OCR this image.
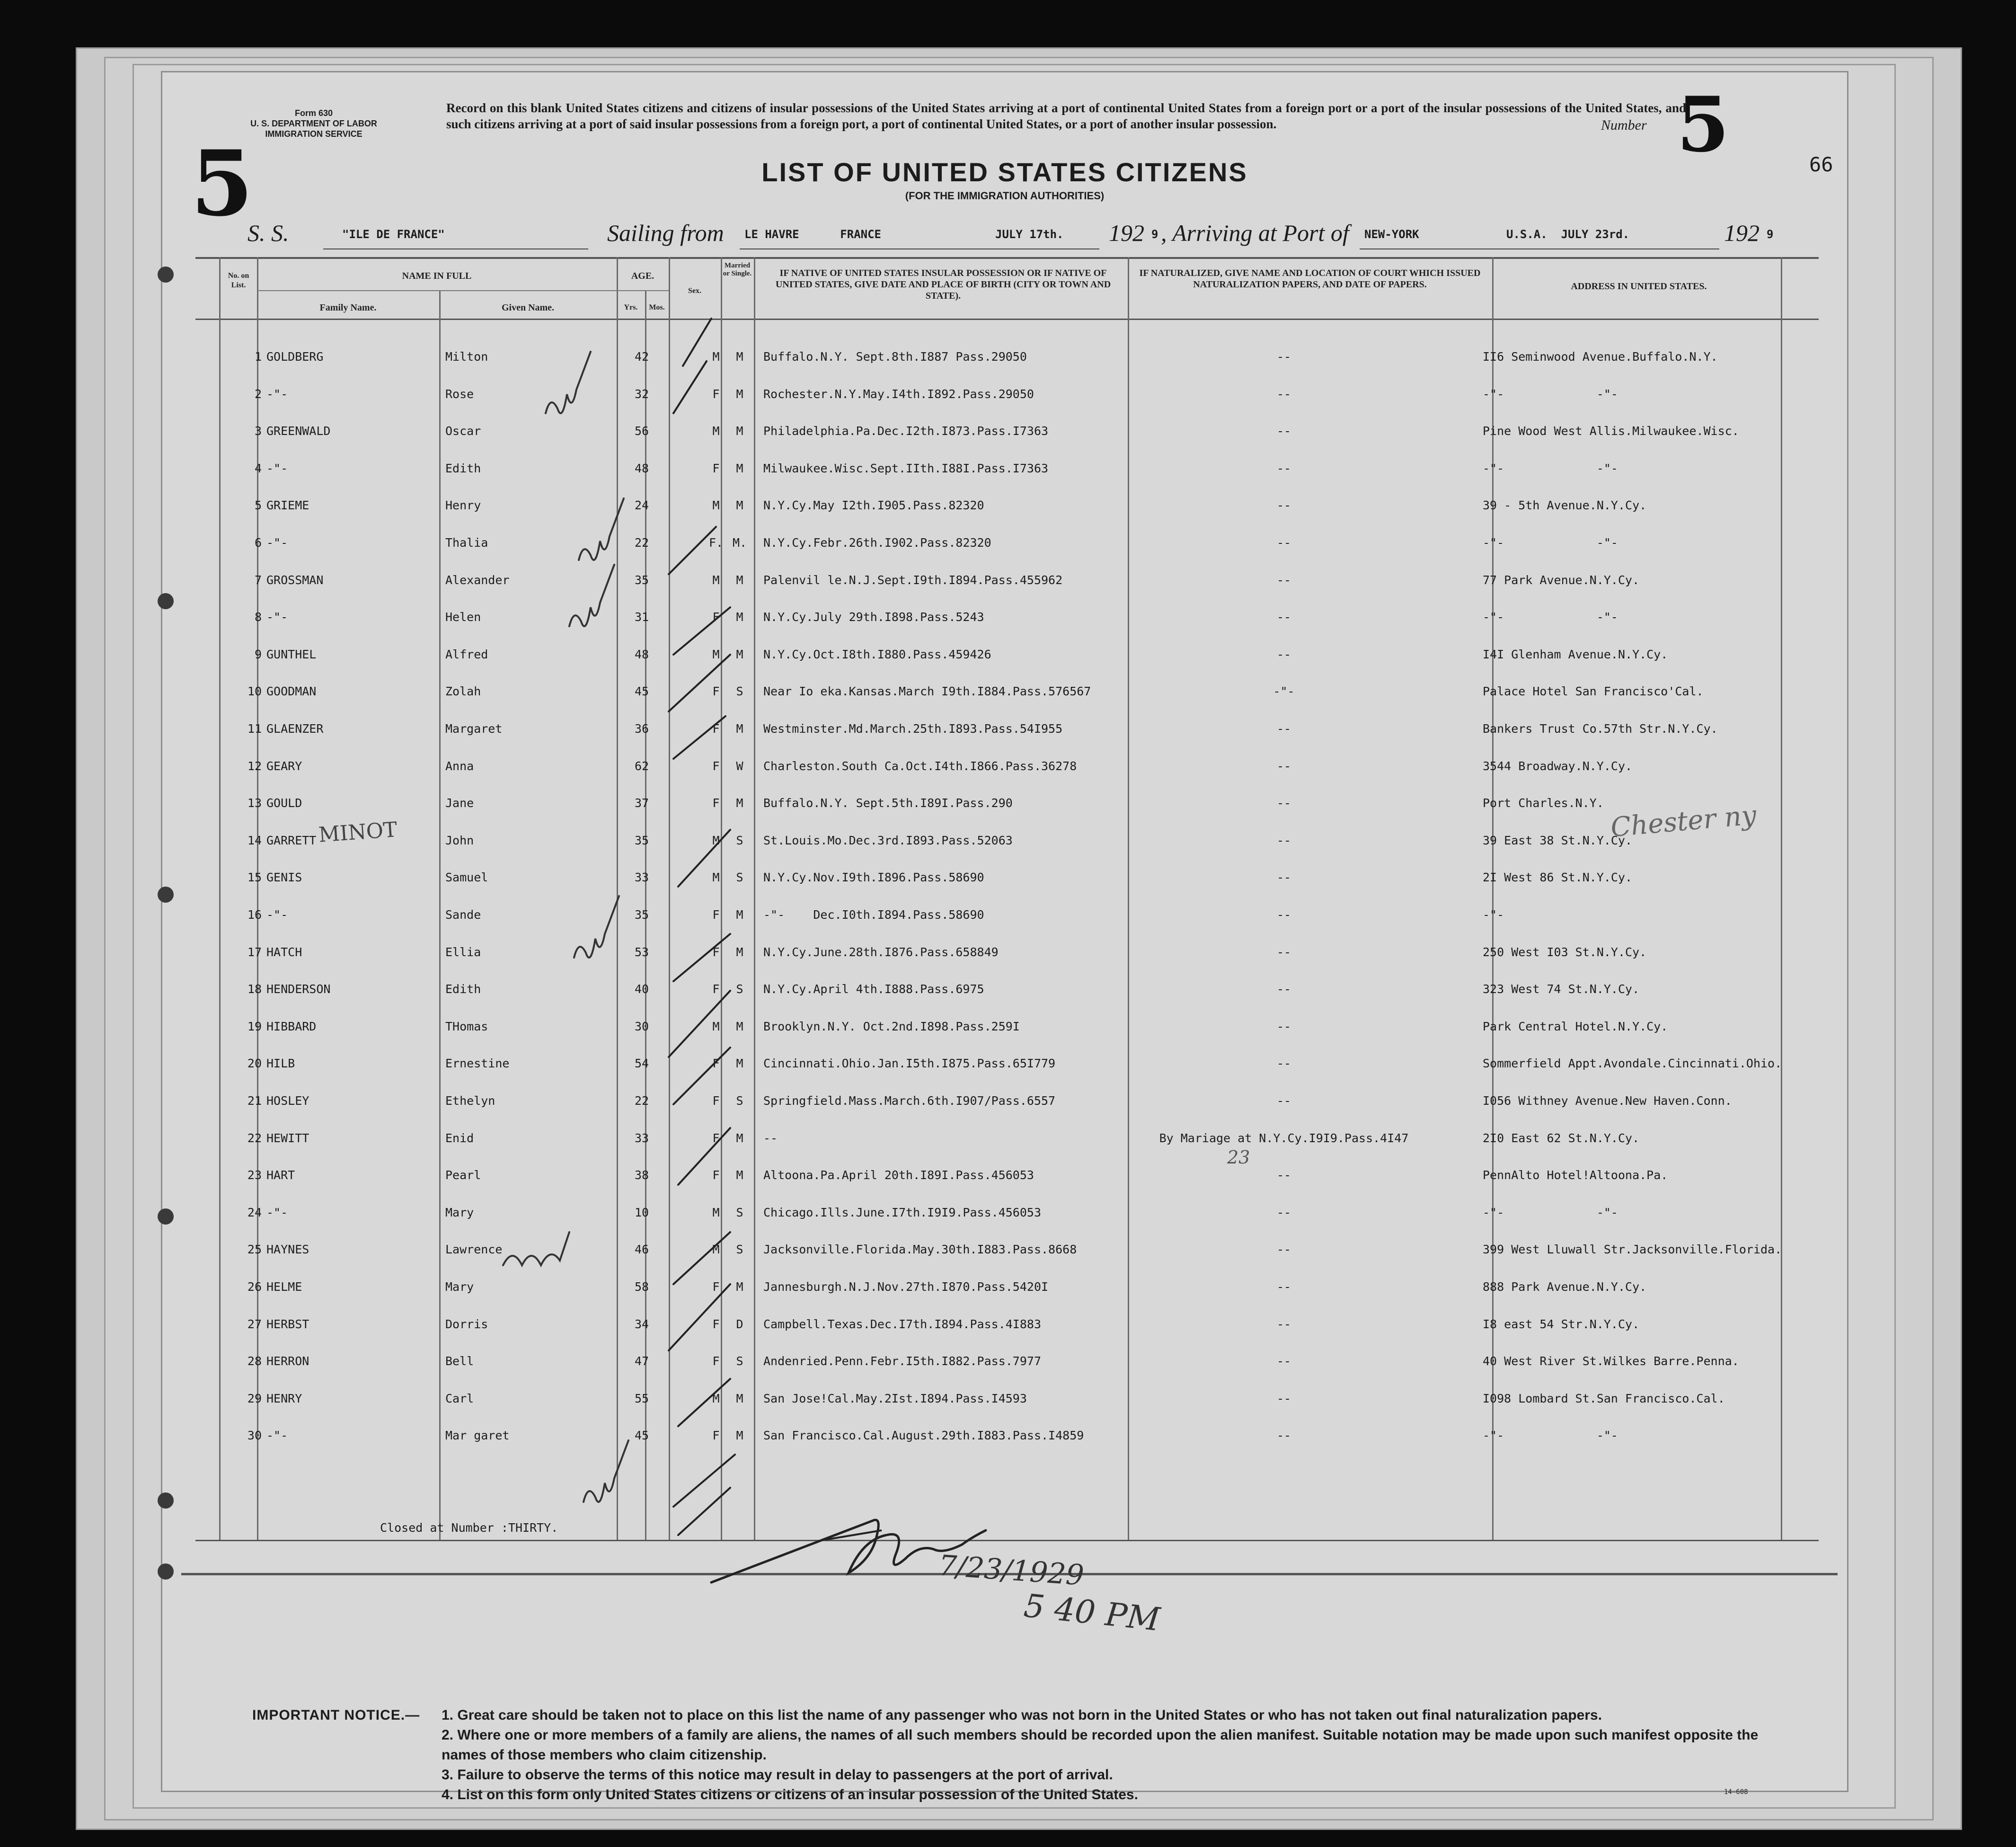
5
Form 630
U. S. DEPARTMENT OF LABOR
IMMIGRATION SERVICE
Record on this blank United States citizens and citizens of insular possessions of the United States arriving at a port of continental United States from a foreign port or a port of the insular possessions of the United States, and such citizens arriving at a port of said insular possessions from a foreign port, a port of continental United States, or a port of another insular possession.	Number 5	66
LIST OF UNITED STATES CITIZENS
(FOR THE IMMIGRATION AUTHORITIES)
S. S.	"ILE DE FRANCE"	Sailing from LE HAVRE      FRANCE	JULY 17th. 192 9 , Arriving at Port of NEW-YORK	U.S.A.  JULY 23rd.	192 9
No. on List.
NAME IN FULL
Family Name.	Given Name.
AGE.
Yrs.	Mos.
Sex.
Married or Single.	IF NATIVE OF UNITED STATES INSULAR POSSESSION OR IF NATIVE OF UNITED STATES, GIVE DATE AND PLACE OF BIRTH (CITY OR TOWN AND STATE).
IF NATURALIZED, GIVE NAME AND LOCATION OF COURT WHICH ISSUED NATURALIZATION PAPERS, AND DATE OF PAPERS.	ADDRESS IN UNITED STATES.
1 GOLDBERG	Milton	42	M	M	Buffalo.N.Y. Sept.8th.I887 Pass.29050	--	II6 Seminwood Avenue.Buffalo.N.Y.
2 -"-	Rose	32	F	M	Rochester.N.Y.May.I4th.I892.Pass.29050	--	-"-             -"-
3 GREENWALD	Oscar	56	M	M	Philadelphia.Pa.Dec.I2th.I873.Pass.I7363	--	Pine Wood West Allis.Milwaukee.Wisc.
4 -"-	Edith	48	F	M	Milwaukee.Wisc.Sept.IIth.I88I.Pass.I7363	--	-"-             -"-
5 GRIEME	Henry	24	M	M	N.Y.Cy.May I2th.I905.Pass.82320	--	39 - 5th Avenue.N.Y.Cy.
6 -"-	Thalia	22	F. M.	N.Y.Cy.Febr.26th.I902.Pass.82320	--	-"-             -"-
7 GROSSMAN	Alexander	35	M	M	Palenvil le.N.J.Sept.I9th.I894.Pass.455962	--	77 Park Avenue.N.Y.Cy.
8 -"-	Helen	31	F	M	N.Y.Cy.July 29th.I898.Pass.5243	--	-"-             -"-
9 GUNTHEL	Alfred	48	M	M	N.Y.Cy.Oct.I8th.I880.Pass.459426	--	I4I Glenham Avenue.N.Y.Cy.
10 GOODMAN	Zolah	45	F	S	Near Io eka.Kansas.March I9th.I884.Pass.576567	-"-	Palace Hotel San Francisco'Cal.
11 GLAENZER	Margaret	36	F	M	Westminster.Md.March.25th.I893.Pass.54I955	--	Bankers Trust Co.57th Str.N.Y.Cy.
12 GEARY	Anna	62	F	W	Charleston.South Ca.Oct.I4th.I866.Pass.36278	--	3544 Broadway.N.Y.Cy.
13 GOULD	Jane	37	F	M	Buffalo.N.Y. Sept.5th.I89I.Pass.290	--	Port Charles.N.Y.
14 GARRETT	John	35	M	S	St.Louis.Mo.Dec.3rd.I893.Pass.52063	--	39 East 38 St.N.Y.Cy.
15 GENIS	Samuel	33	M	S	N.Y.Cy.Nov.I9th.I896.Pass.58690	--	2I West 86 St.N.Y.Cy.
16 -"-	Sande	35	F	M	-"-    Dec.I0th.I894.Pass.58690	--	-"-
17 HATCH	Ellia	53	F	M	N.Y.Cy.June.28th.I876.Pass.658849	--	250 West I03 St.N.Y.Cy.
18 HENDERSON	Edith	40	F	S	N.Y.Cy.April 4th.I888.Pass.6975	--	323 West 74 St.N.Y.Cy.
19 HIBBARD	THomas	30	M	M	Brooklyn.N.Y. Oct.2nd.I898.Pass.259I	--	Park Central Hotel.N.Y.Cy.
20 HILB	Ernestine	54	F	M	Cincinnati.Ohio.Jan.I5th.I875.Pass.65I779	--	Sommerfield Appt.Avondale.Cincinnati.Ohio.
21 HOSLEY	Ethelyn	22	F	S	Springfield.Mass.March.6th.I907/Pass.6557	--	I056 Withney Avenue.New Haven.Conn.
22 HEWITT	Enid	33	F	M	--	By Mariage at N.Y.Cy.I9I9.Pass.4I47	2I0 East 62 St.N.Y.Cy.
23 HART	Pearl	38	F	M	Altoona.Pa.April 20th.I89I.Pass.456053	--	PennAlto Hotel!Altoona.Pa.
24 -"-	Mary	10	M	S	Chicago.Ills.June.I7th.I9I9.Pass.456053	--	-"-             -"-
25 HAYNES	Lawrence	46	M	S	Jacksonville.Florida.May.30th.I883.Pass.8668	--	399 West Lluwall Str.Jacksonville.Florida.
26 HELME	Mary	58	F	M	Jannesburgh.N.J.Nov.27th.I870.Pass.5420I	--	888 Park Avenue.N.Y.Cy.
27 HERBST	Dorris	34	F	D	Campbell.Texas.Dec.I7th.I894.Pass.4I883	--	I8 east 54 Str.N.Y.Cy.
28 HERRON	Bell	47	F	S	Andenried.Penn.Febr.I5th.I882.Pass.7977	--	40 West River St.Wilkes Barre.Penna.
29 HENRY	Carl	55	M	M	San Jose!Cal.May.2Ist.I894.Pass.I4593	--	I098 Lombard St.San Francisco.Cal.
30 -"-	Mar garet	45	F	M	San Francisco.Cal.August.29th.I883.Pass.I4859	--	-"-             -"-
Closed at Number :THIRTY.
MINOT
23
Chester ny
7/23/1929
5 40 PM
IMPORTANT NOTICE.— 1. Great care should be taken not to place on this list the name of any passenger who was not born in the United States or who has not taken out final naturalization papers.

2. Where one or more members of a family are aliens, the names of all such members should be recorded upon the alien manifest. Suitable notation may be made upon such manifest opposite the names of those members who claim citizenship.

3. Failure to observe the terms of this notice may result in delay to passengers at the port of arrival.

4. List on this form only United States citizens or citizens of an insular possession of the United States.	14—608
